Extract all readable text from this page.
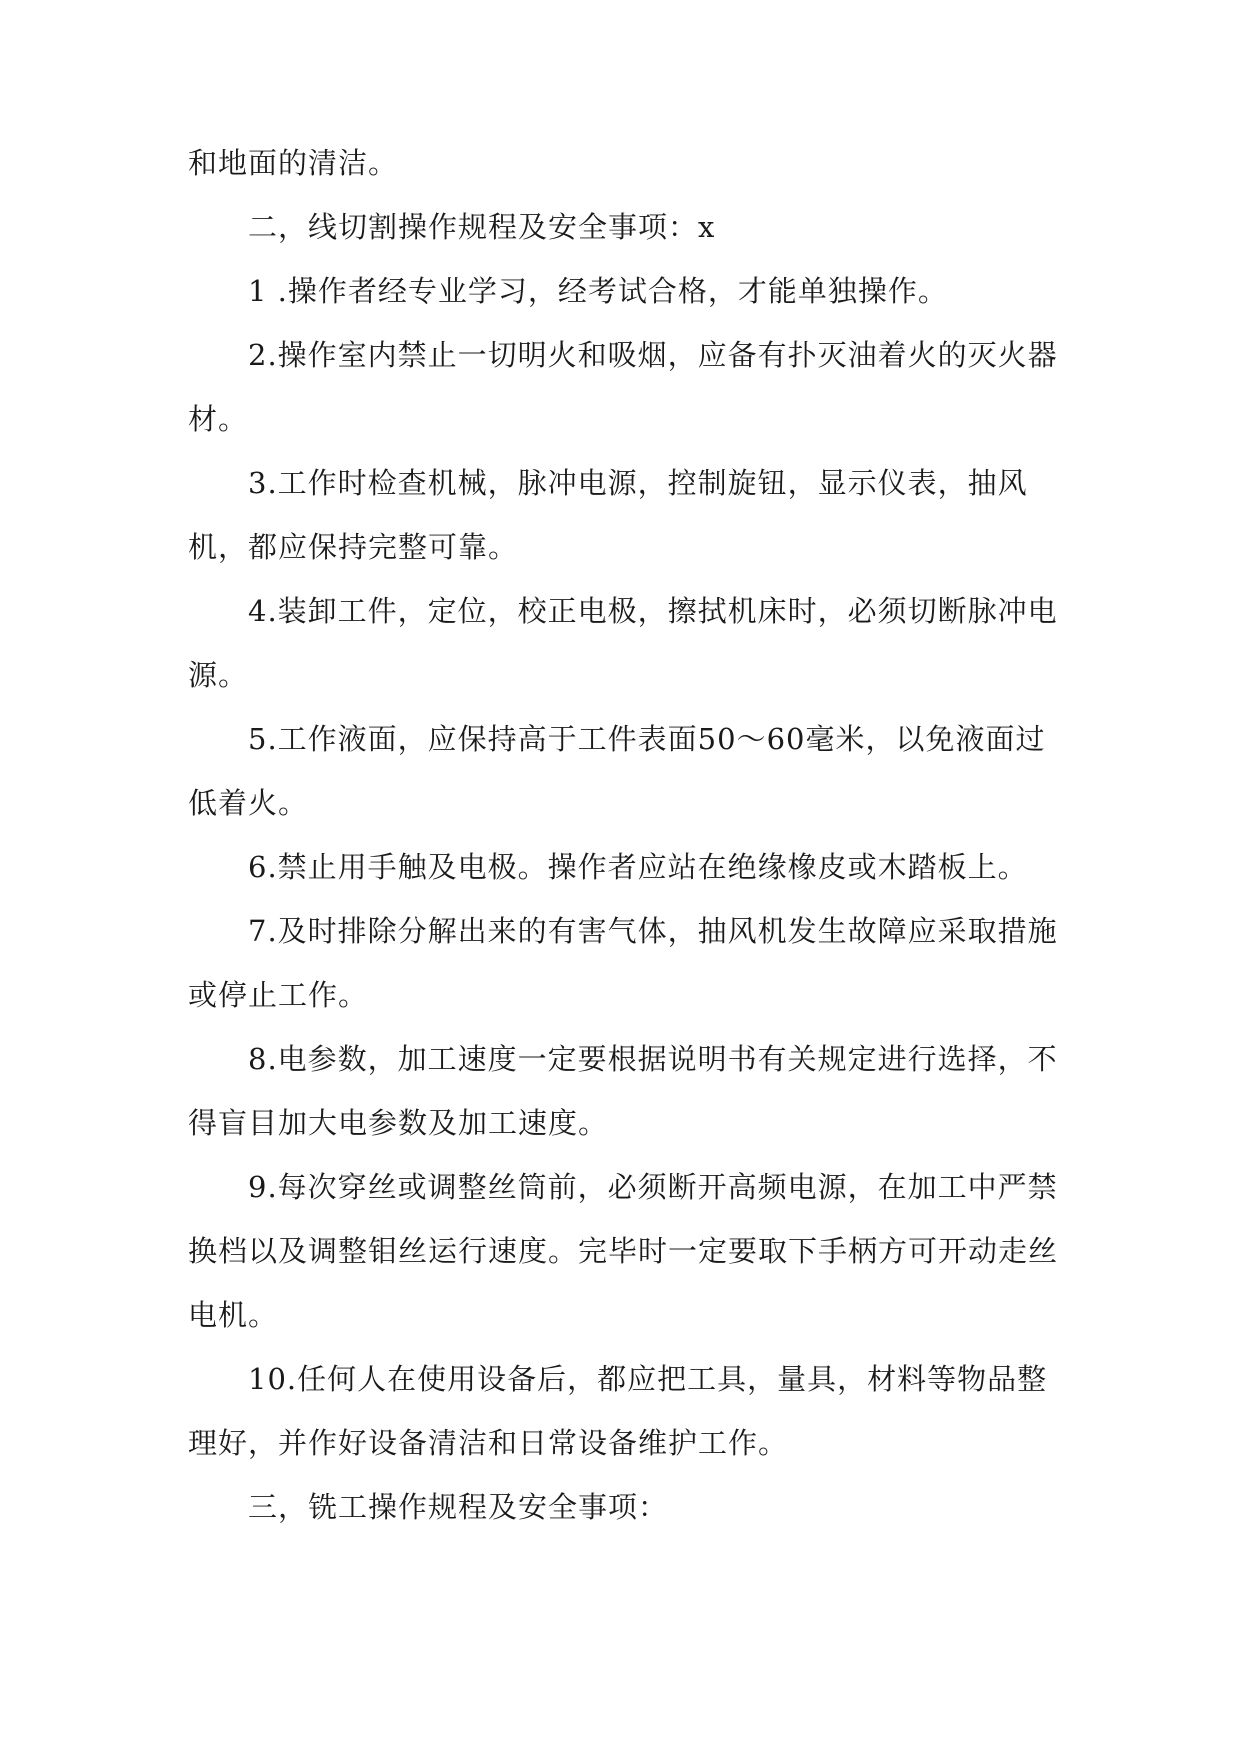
和地面的清洁。

二，线切割操作规程及安全事项：x

1 .操作者经专业学习，经考试合格，才能单独操作。

2.操作室内禁止一切明火和吸烟，应备有扑灭油着火的灭火器材。

3.工作时检查机械，脉冲电源，控制旋钮，显示仪表，抽风机，都应保持完整可靠。

4.装卸工件，定位，校正电极，擦拭机床时，必须切断脉冲电源。

5.工作液面，应保持高于工件表面50～60毫米，以免液面过低着火。

6.禁止用手触及电极。操作者应站在绝缘橡皮或木踏板上。

7.及时排除分解出来的有害气体，抽风机发生故障应采取措施或停止工作。

8.电参数，加工速度一定要根据说明书有关规定进行选择，不得盲目加大电参数及加工速度。

9.每次穿丝或调整丝筒前，必须断开高频电源，在加工中严禁换档以及调整钼丝运行速度。完毕时一定要取下手柄方可开动走丝电机。

10.任何人在使用设备后，都应把工具，量具，材料等物品整理好，并作好设备清洁和日常设备维护工作。

三，铣工操作规程及安全事项：
